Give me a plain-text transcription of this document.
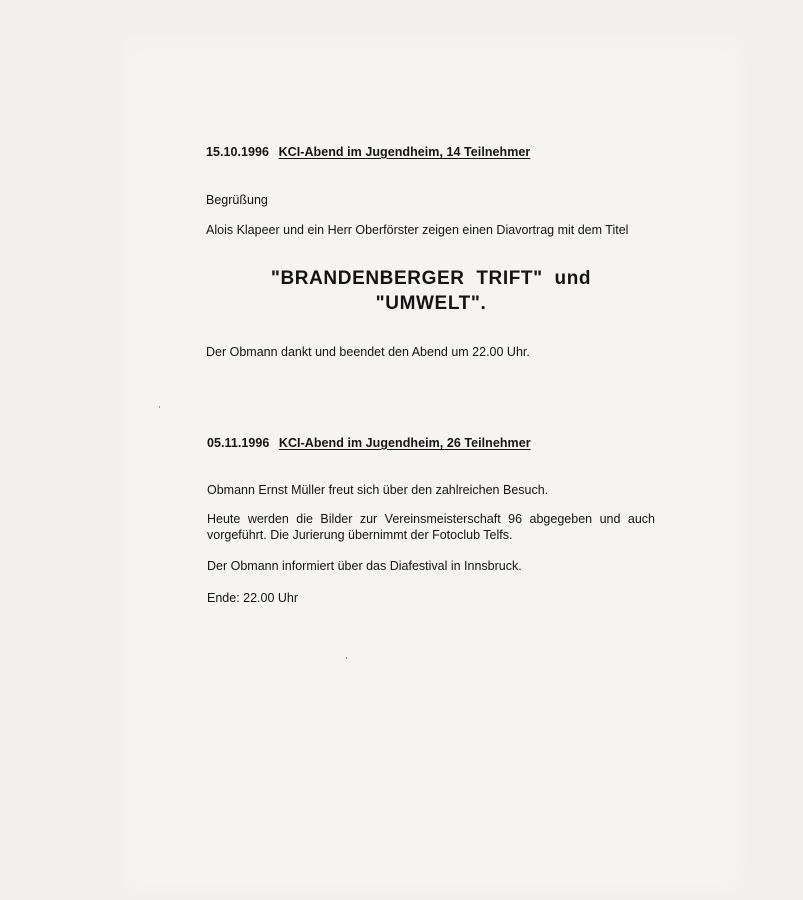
15.10.1996 KCI-Abend im Jugendheim, 14 Teilnehmer
Begrüßung
Alois Klapeer und ein Herr Oberförster zeigen einen Diavortrag mit dem Titel
"BRANDENBERGER  TRIFT"  und
"UMWELT".
Der Obmann dankt und beendet den Abend um 22.00 Uhr.
05.11.1996 KCI-Abend im Jugendheim, 26 Teilnehmer
Obmann Ernst Müller freut sich über den zahlreichen Besuch.
Heute werden die Bilder zur Vereinsmeisterschaft 96 abgegeben und auch vorgeführt. Die Jurierung übernimmt der Fotoclub Telfs.
Der Obmann informiert über das Diafestival in Innsbruck.
Ende: 22.00 Uhr
